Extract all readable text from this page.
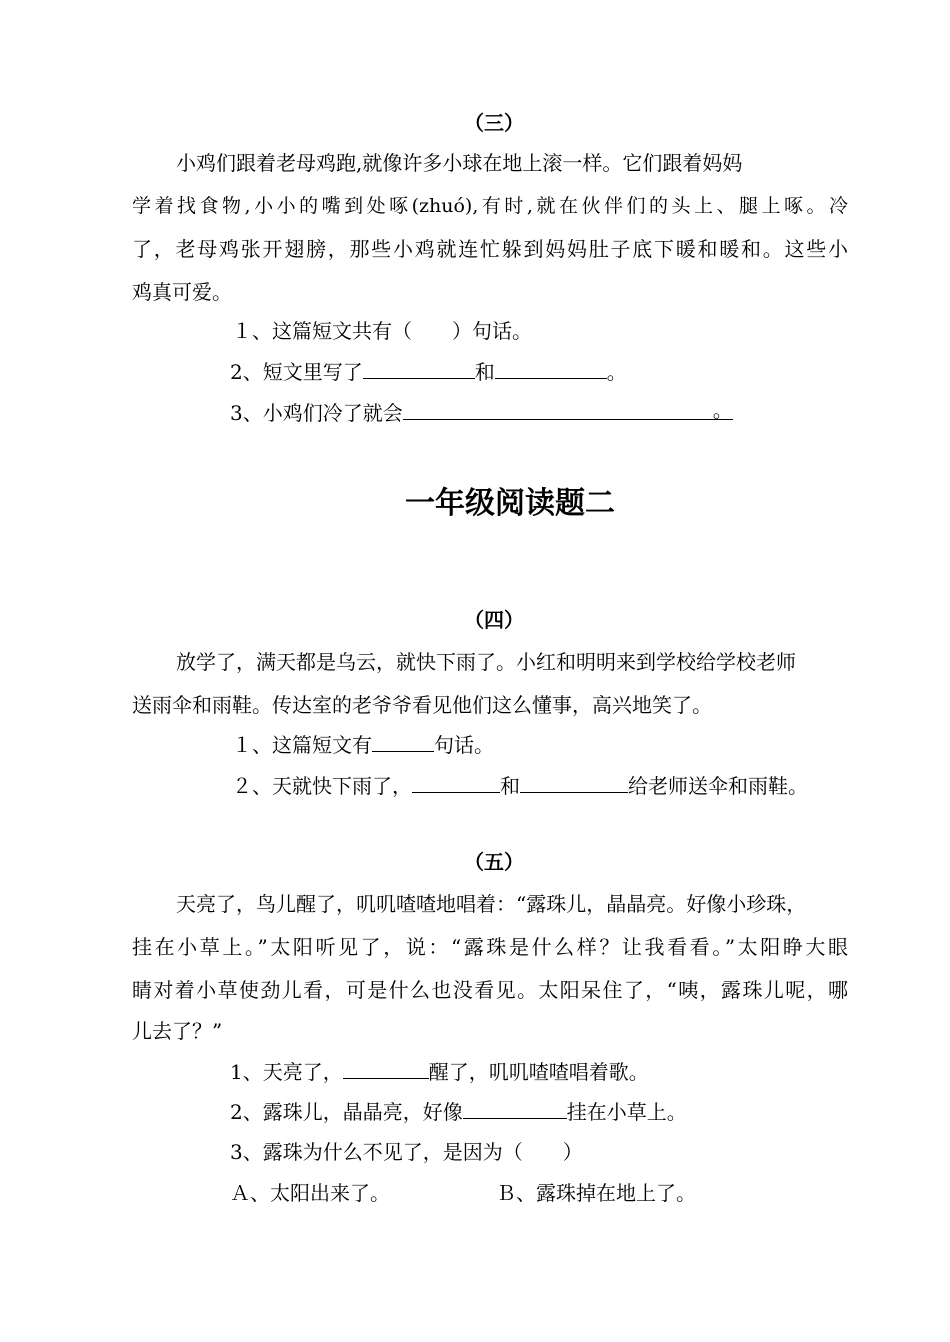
（三）
小鸡们跟着老母鸡跑,就像许多小球在地上滚一样。它们跟着妈妈
学着找食物,小小的嘴到处啄(zhuó),有时,就在伙伴们的头上、腿上啄。冷
了，老母鸡张开翅膀，那些小鸡就连忙躲到妈妈肚子底下暖和暖和。这些小
鸡真可爱。
１、这篇短文共有（　　）句话。
2、短文里写了	和	。
3、小鸡们冷了就会	。
一年级阅读题二
（四）
放学了，满天都是乌云，就快下雨了。小红和明明来到学校给学校老师
送雨伞和雨鞋。传达室的老爷爷看见他们这么懂事，高兴地笑了。
１、这篇短文有	句话。
２、天就快下雨了，	和	给老师送伞和雨鞋。
（五）
天亮了，鸟儿醒了，叽叽喳喳地唱着：“露珠儿，晶晶亮。好像小珍珠，
挂在小草上。”太阳听见了，说：“露珠是什么样？让我看看。”太阳睁大眼
睛对着小草使劲儿看，可是什么也没看见。太阳呆住了，“咦，露珠儿呢，哪
儿去了？”
1、天亮了，	醒了，叽叽喳喳唱着歌。
2、露珠儿，晶晶亮，好像	挂在小草上。
3、露珠为什么不见了，是因为（　　）
Ａ、太阳出来了。	Ｂ、露珠掉在地上了。
